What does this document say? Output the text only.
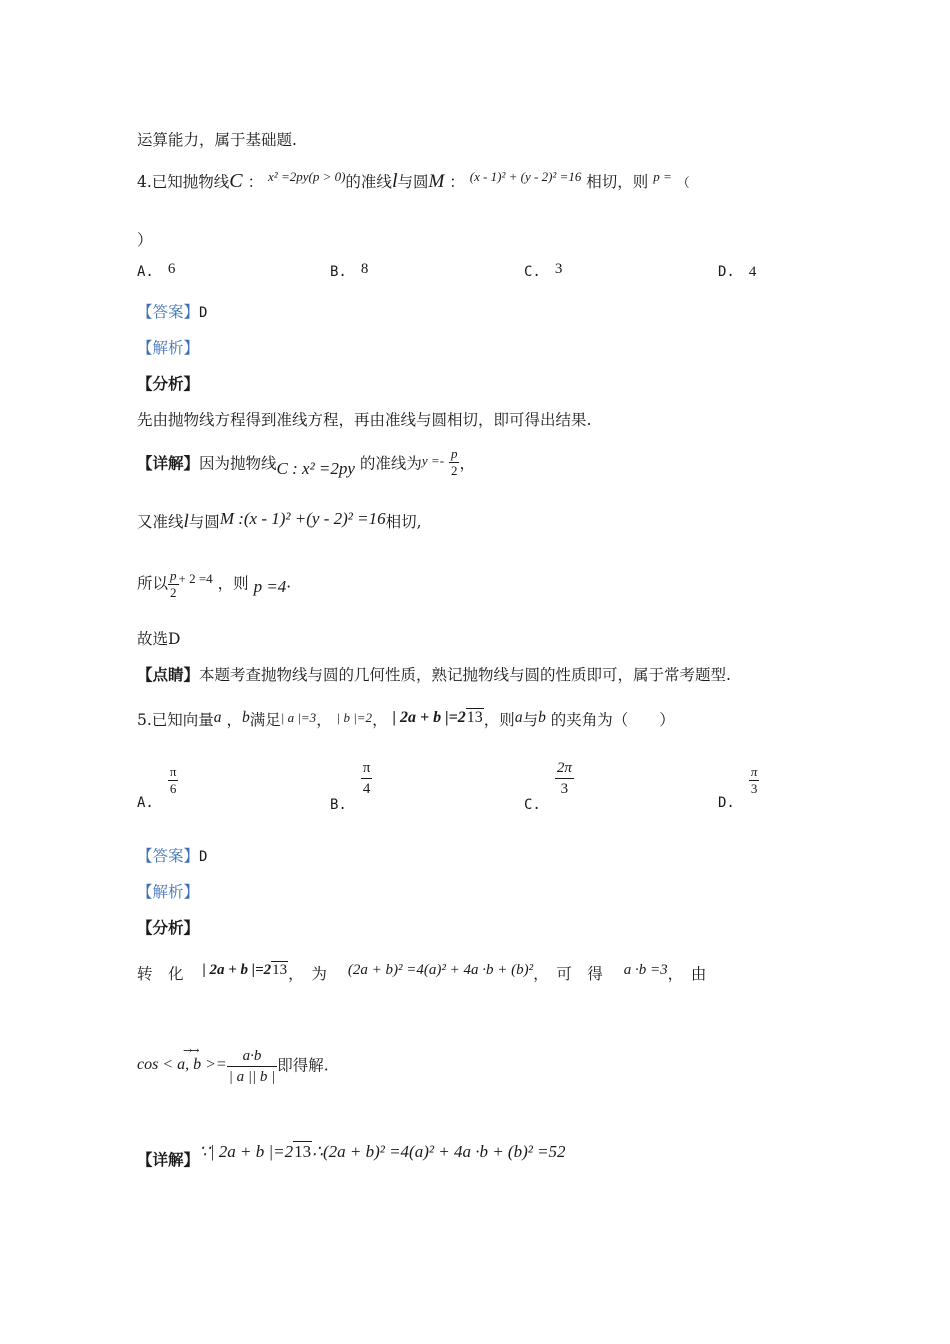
运算能力，属于基础题.
4.已知抛物线C ： $^{x^2 =2py(p > 0)}$的准线l与圆M ： $^{(x - 1)^2 + (y - 2)^2 =16}$ 相切，则 $^{p =}$ （
）
A. 6	B. 8	C. 3	D. 4
【答案】D
【解析】
【分析】
先由抛物线方程得到准线方程，再由准线与圆相切，即可得出结果.
【详解】因为抛物线C : x² =2py 的准线为$^{y =-} \frac{p}{2}$ ，
又准线l与圆M :(x - 1)² +(y - 2)² =16相切,
所以 $\frac{p}{2} ^{+ 2 =4}$ ，则 p =4·
故选D
【点睛】本题考查抛物线与圆的几何性质，熟记抛物线与圆的性质即可，属于常考题型.
5.已知向量a ，b满足| a |=3， | b |=2， | 2a + b |=213，则a与b 的夹角为（　　）
A.
$\frac{\pi}{6}$
B.
$\frac{\pi}{4}$
C.
$\frac{2\pi}{3}$
D.
$\frac{\pi}{3}$
【答案】D
【解析】
【分析】
转　化 | 2a + b |=213，　为 (2a + b)² =4(a)² + 4a ·b + (b)²，　可　得 a ·b =3，　由
→→
cos < a, $b >= \frac{a\cdot b}{| a || b |}$ 即得解.
【详解】∵| 2a + b |=213∴(2a + b)² =4(a)² + 4a ·b + (b)² =52
